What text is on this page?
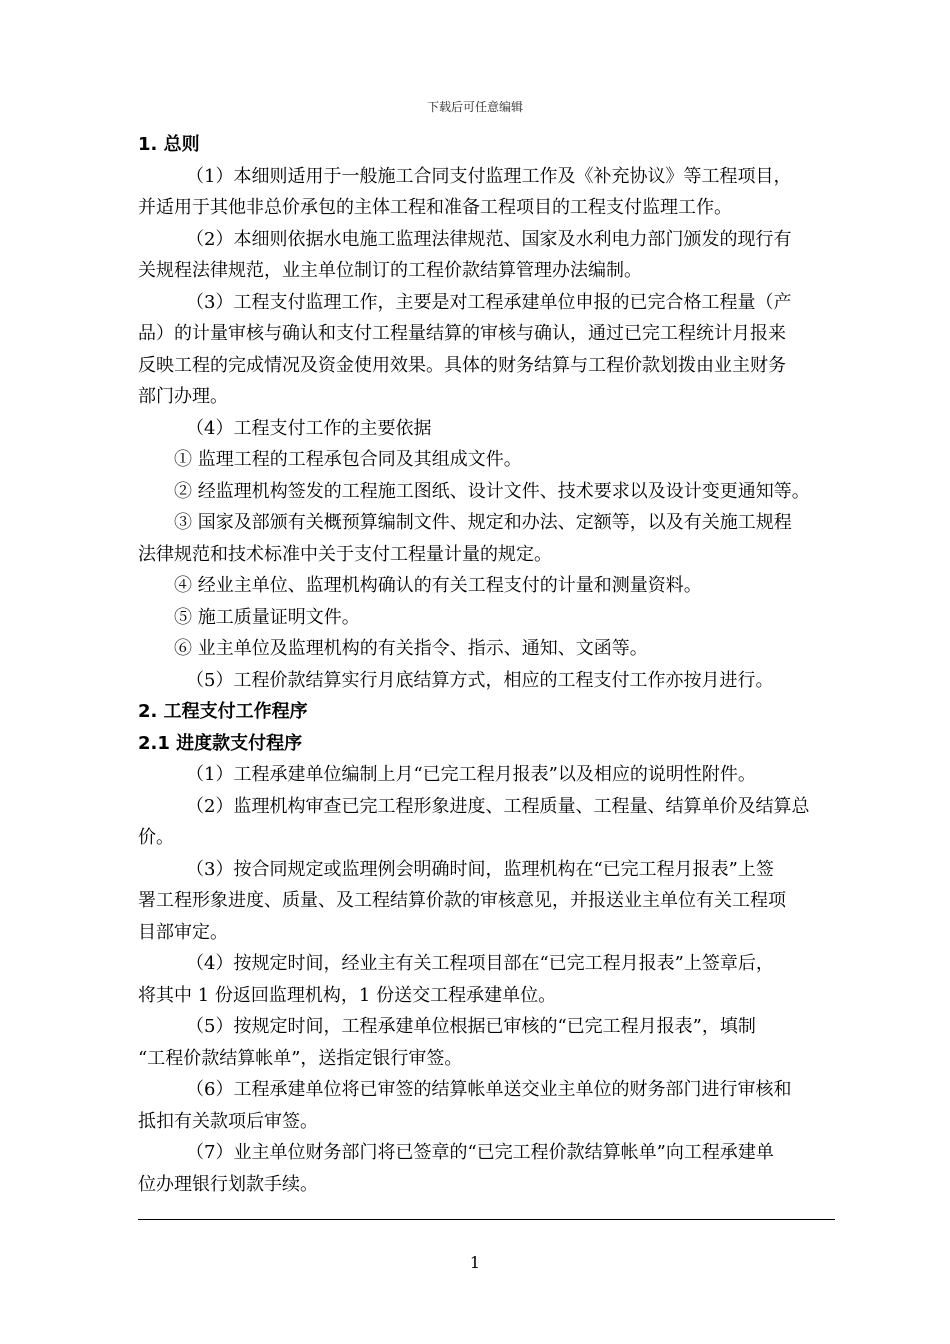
下载后可任意编辑

1. 总则

（1）本细则适用于一般施工合同支付监理工作及《补充协议》等工程项目，

并适用于其他非总价承包的主体工程和准备工程项目的工程支付监理工作。

（2）本细则依据水电施工监理法律规范、国家及水利电力部门颁发的现行有

关规程法律规范，业主单位制订的工程价款结算管理办法编制。

（3）工程支付监理工作，主要是对工程承建单位申报的已完合格工程量（产

品）的计量审核与确认和支付工程量结算的审核与确认，通过已完工程统计月报来

反映工程的完成情况及资金使用效果。具体的财务结算与工程价款划拨由业主财务

部门办理。

（4）工程支付工作的主要依据

① 监理工程的工程承包合同及其组成文件。

② 经监理机构签发的工程施工图纸、设计文件、技术要求以及设计变更通知等。

③ 国家及部颁有关概预算编制文件、规定和办法、定额等，以及有关施工规程

法律规范和技术标准中关于支付工程量计量的规定。

④ 经业主单位、监理机构确认的有关工程支付的计量和测量资料。

⑤ 施工质量证明文件。

⑥ 业主单位及监理机构的有关指令、指示、通知、文函等。

（5）工程价款结算实行月底结算方式，相应的工程支付工作亦按月进行。

2. 工程支付工作程序

2.1 进度款支付程序

（1）工程承建单位编制上月“已完工程月报表”以及相应的说明性附件。

（2）监理机构审查已完工程形象进度、工程质量、工程量、结算单价及结算总

价。

（3）按合同规定或监理例会明确时间，监理机构在“已完工程月报表”上签

署工程形象进度、质量、及工程结算价款的审核意见，并报送业主单位有关工程项

目部审定。

（4）按规定时间，经业主有关工程项目部在“已完工程月报表”上签章后，

将其中 1 份返回监理机构，1 份送交工程承建单位。

（5）按规定时间，工程承建单位根据已审核的“已完工程月报表”，填制

“工程价款结算帐单”，送指定银行审签。

（6）工程承建单位将已审签的结算帐单送交业主单位的财务部门进行审核和

抵扣有关款项后审签。

（7）业主单位财务部门将已签章的“已完工程价款结算帐单”向工程承建单

位办理银行划款手续。

1
